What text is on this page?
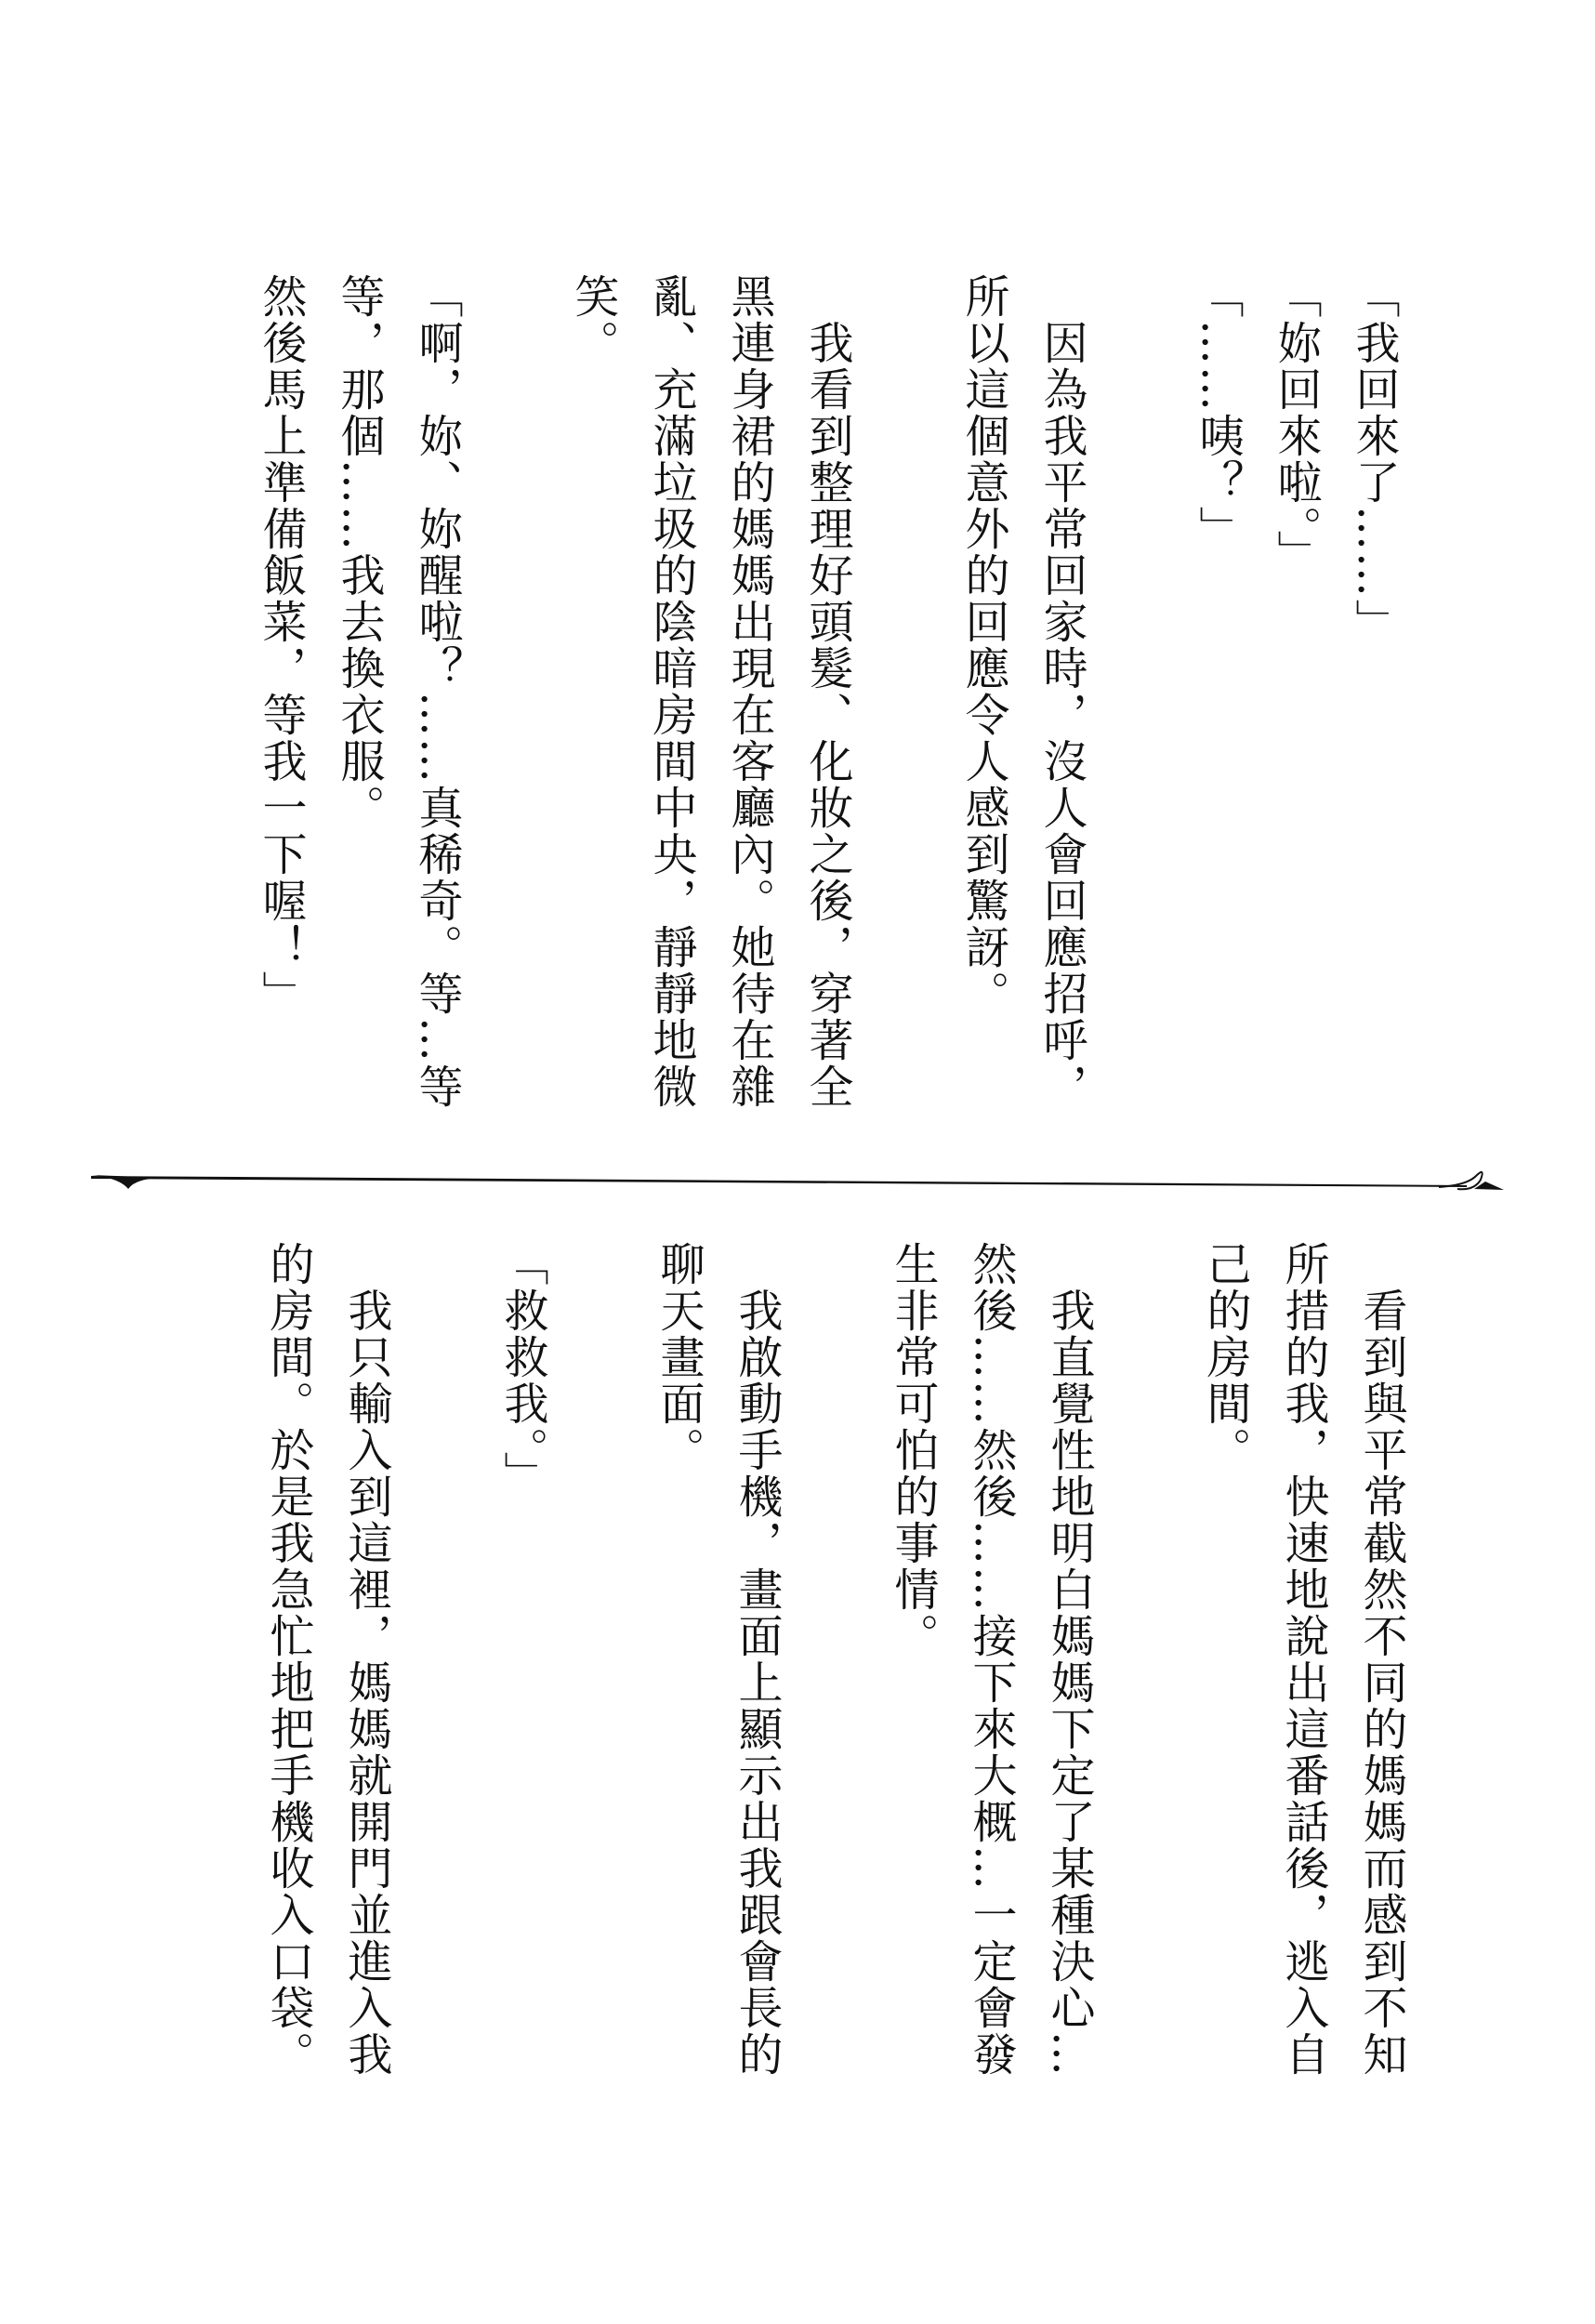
「我回來了……」

「妳回來啦。」

「……咦？」

因為我平常回家時，沒人會回應招呼，

所以這個意外的回應令人感到驚訝。

我看到整理好頭髮、化妝之後，穿著全

黑連身裙的媽媽出現在客廳內。她待在雜

亂、充滿垃圾的陰暗房間中央，靜靜地微

笑。

「啊，妳、妳醒啦？……真稀奇。等…等

等，那個……我去換衣服。

然後馬上準備飯菜，等我一下喔！」

看到與平常截然不同的媽媽而感到不知

所措的我，快速地說出這番話後，逃入自

己的房間。

我直覺性地明白媽媽下定了某種決心…

然後……然後……接下來大概…一定會發

生非常可怕的事情。

我啟動手機，畫面上顯示出我跟會長的

聊天畫面。

「救救我。」

我只輸入到這裡，媽媽就開門並進入我

的房間。於是我急忙地把手機收入口袋。
